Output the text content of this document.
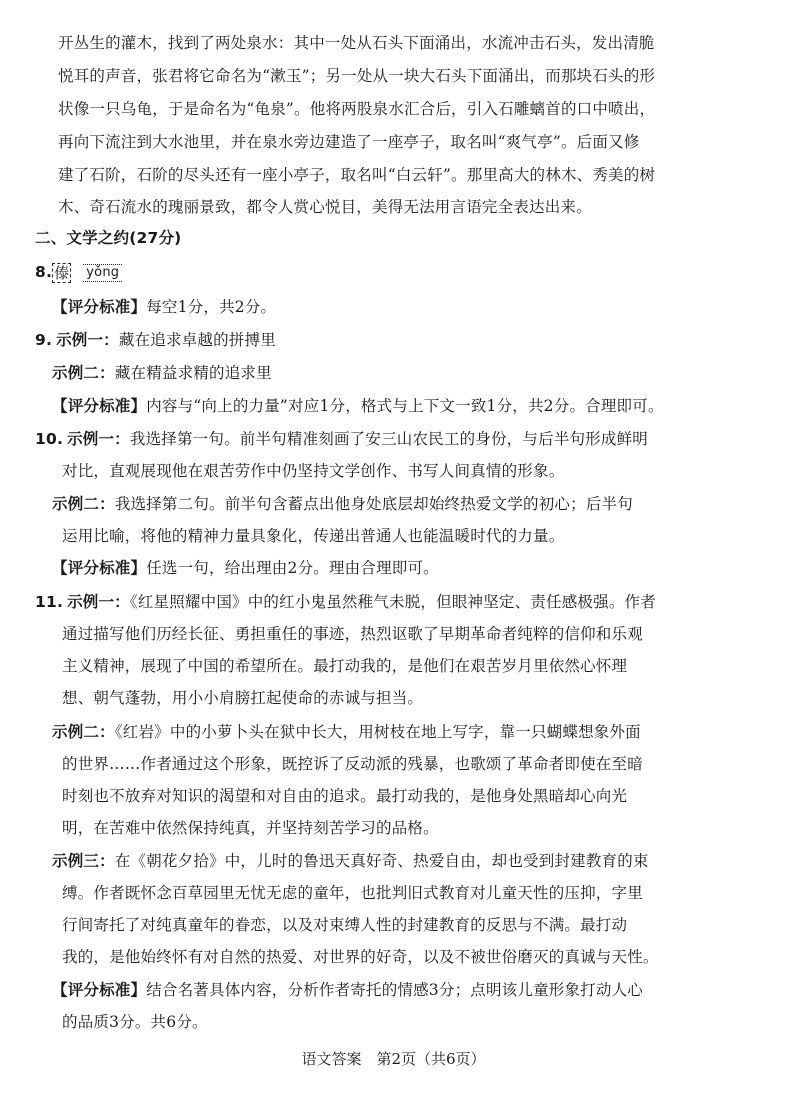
开丛生的灌木，找到了两处泉水：其中一处从石头下面涌出，水流冲击石头，发出清脆
悦耳的声音，张君将它命名为“漱玉”；另一处从一块大石头下面涌出，而那块石头的形
状像一只乌龟，于是命名为“龟泉”。他将两股泉水汇合后，引入石雕螭首的口中喷出，
再向下流注到大水池里，并在泉水旁边建造了一座亭子，取名叫“爽气亭”。后面又修
建了石阶，石阶的尽头还有一座小亭子，取名叫“白云轩”。那里高大的林木、秀美的树
木、奇石流水的瑰丽景致，都令人赏心悦目，美得无法用言语完全表达出来。
二、文学之约(27分)
8. 傣 yǒng
【评分标准】每空1分，共2分。
9. 示例一：藏在追求卓越的拼搏里
示例二：藏在精益求精的追求里
【评分标准】内容与“向上的力量”对应1分，格式与上下文一致1分，共2分。合理即可。
10. 示例一：我选择第一句。前半句精准刻画了安三山农民工的身份，与后半句形成鲜明
对比，直观展现他在艰苦劳作中仍坚持文学创作、书写人间真情的形象。
示例二：我选择第二句。前半句含蓄点出他身处底层却始终热爱文学的初心；后半句
运用比喻，将他的精神力量具象化，传递出普通人也能温暖时代的力量。
【评分标准】任选一句，给出理由2分。理由合理即可。
11. 示例一：《红星照耀中国》中的红小鬼虽然稚气未脱，但眼神坚定、责任感极强。作者
通过描写他们历经长征、勇担重任的事迹，热烈讴歌了早期革命者纯粹的信仰和乐观
主义精神，展现了中国的希望所在。最打动我的，是他们在艰苦岁月里依然心怀理
想、朝气蓬勃，用小小肩膀扛起使命的赤诚与担当。
示例二：《红岩》中的小萝卜头在狱中长大，用树枝在地上写字，靠一只蝴蝶想象外面
的世界……作者通过这个形象，既控诉了反动派的残暴，也歌颂了革命者即使在至暗
时刻也不放弃对知识的渴望和对自由的追求。最打动我的，是他身处黑暗却心向光
明，在苦难中依然保持纯真，并坚持刻苦学习的品格。
示例三：在《朝花夕拾》中，儿时的鲁迅天真好奇、热爱自由，却也受到封建教育的束
缚。作者既怀念百草园里无忧无虑的童年，也批判旧式教育对儿童天性的压抑，字里
行间寄托了对纯真童年的眷恋，以及对束缚人性的封建教育的反思与不满。最打动
我的，是他始终怀有对自然的热爱、对世界的好奇，以及不被世俗磨灭的真诚与天性。
【评分标准】结合名著具体内容，分析作者寄托的情感3分；点明该儿童形象打动人心
的品质3分。共6分。
语文答案　第2页（共6页）
